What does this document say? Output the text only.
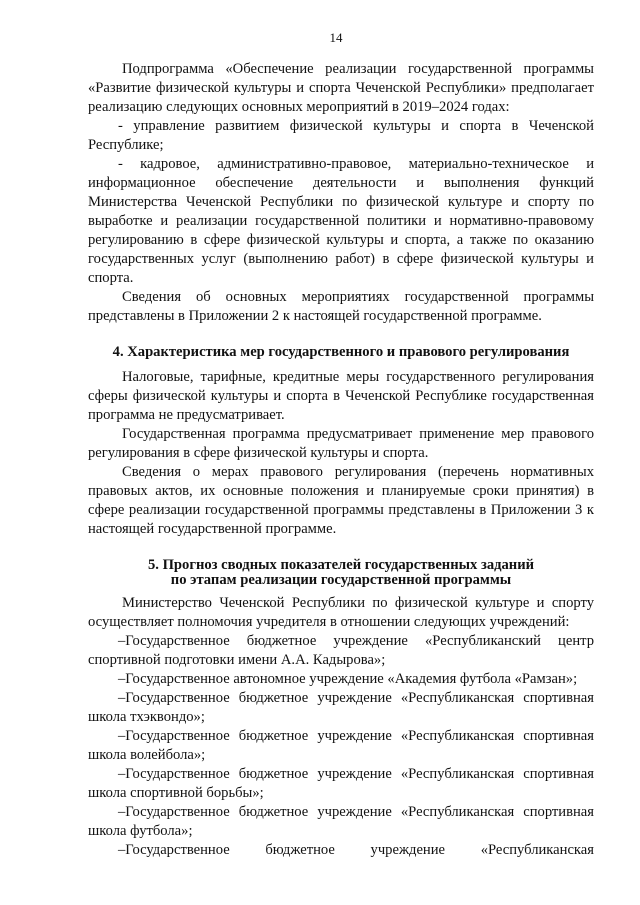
14

Подпрограмма «Обеспечение реализации государственной программы «Развитие физической культуры и спорта Чеченской Республики» предполагает реализацию следующих основных мероприятий в 2019–2024 годах:

- управление развитием физической культуры и спорта в Чеченской Республике;

- кадровое, административно-правовое, материально-техническое и информационное обеспечение деятельности и выполнения функций Министерства Чеченской Республики по физической культуре и спорту по выработке и реализации государственной политики и нормативно-правовому регулированию в сфере физической культуры и спорта, а также по оказанию государственных услуг (выполнению работ) в сфере физической культуры и спорта.

Сведения об основных мероприятиях государственной программы представлены в Приложении 2 к настоящей государственной программе.

4. Характеристика мер государственного и правового регулирования

Налоговые, тарифные, кредитные меры государственного регулирования сферы физической культуры и спорта в Чеченской Республике государственная программа не предусматривает.

Государственная программа предусматривает применение мер правового регулирования в сфере физической культуры и спорта.

Сведения о мерах правового регулирования (перечень нормативных правовых актов, их основные положения и планируемые сроки принятия) в сфере реализации государственной программы представлены в Приложении 3 к настоящей государственной программе.

5. Прогноз сводных показателей государственных заданий
по этапам реализации государственной программы

Министерство Чеченской Республики по физической культуре и спорту осуществляет полномочия учредителя в отношении следующих учреждений:

–Государственное бюджетное учреждение «Республиканский центр спортивной подготовки имени А.А. Кадырова»;

–Государственное автономное учреждение «Академия футбола «Рамзан»;

–Государственное бюджетное учреждение «Республиканская спортивная школа тхэквондо»;

–Государственное бюджетное учреждение «Республиканская спортивная школа волейбола»;

–Государственное бюджетное учреждение «Республиканская спортивная школа спортивной борьбы»;

–Государственное бюджетное учреждение «Республиканская спортивная школа футбола»;

–Государственное бюджетное учреждение «Республиканская
